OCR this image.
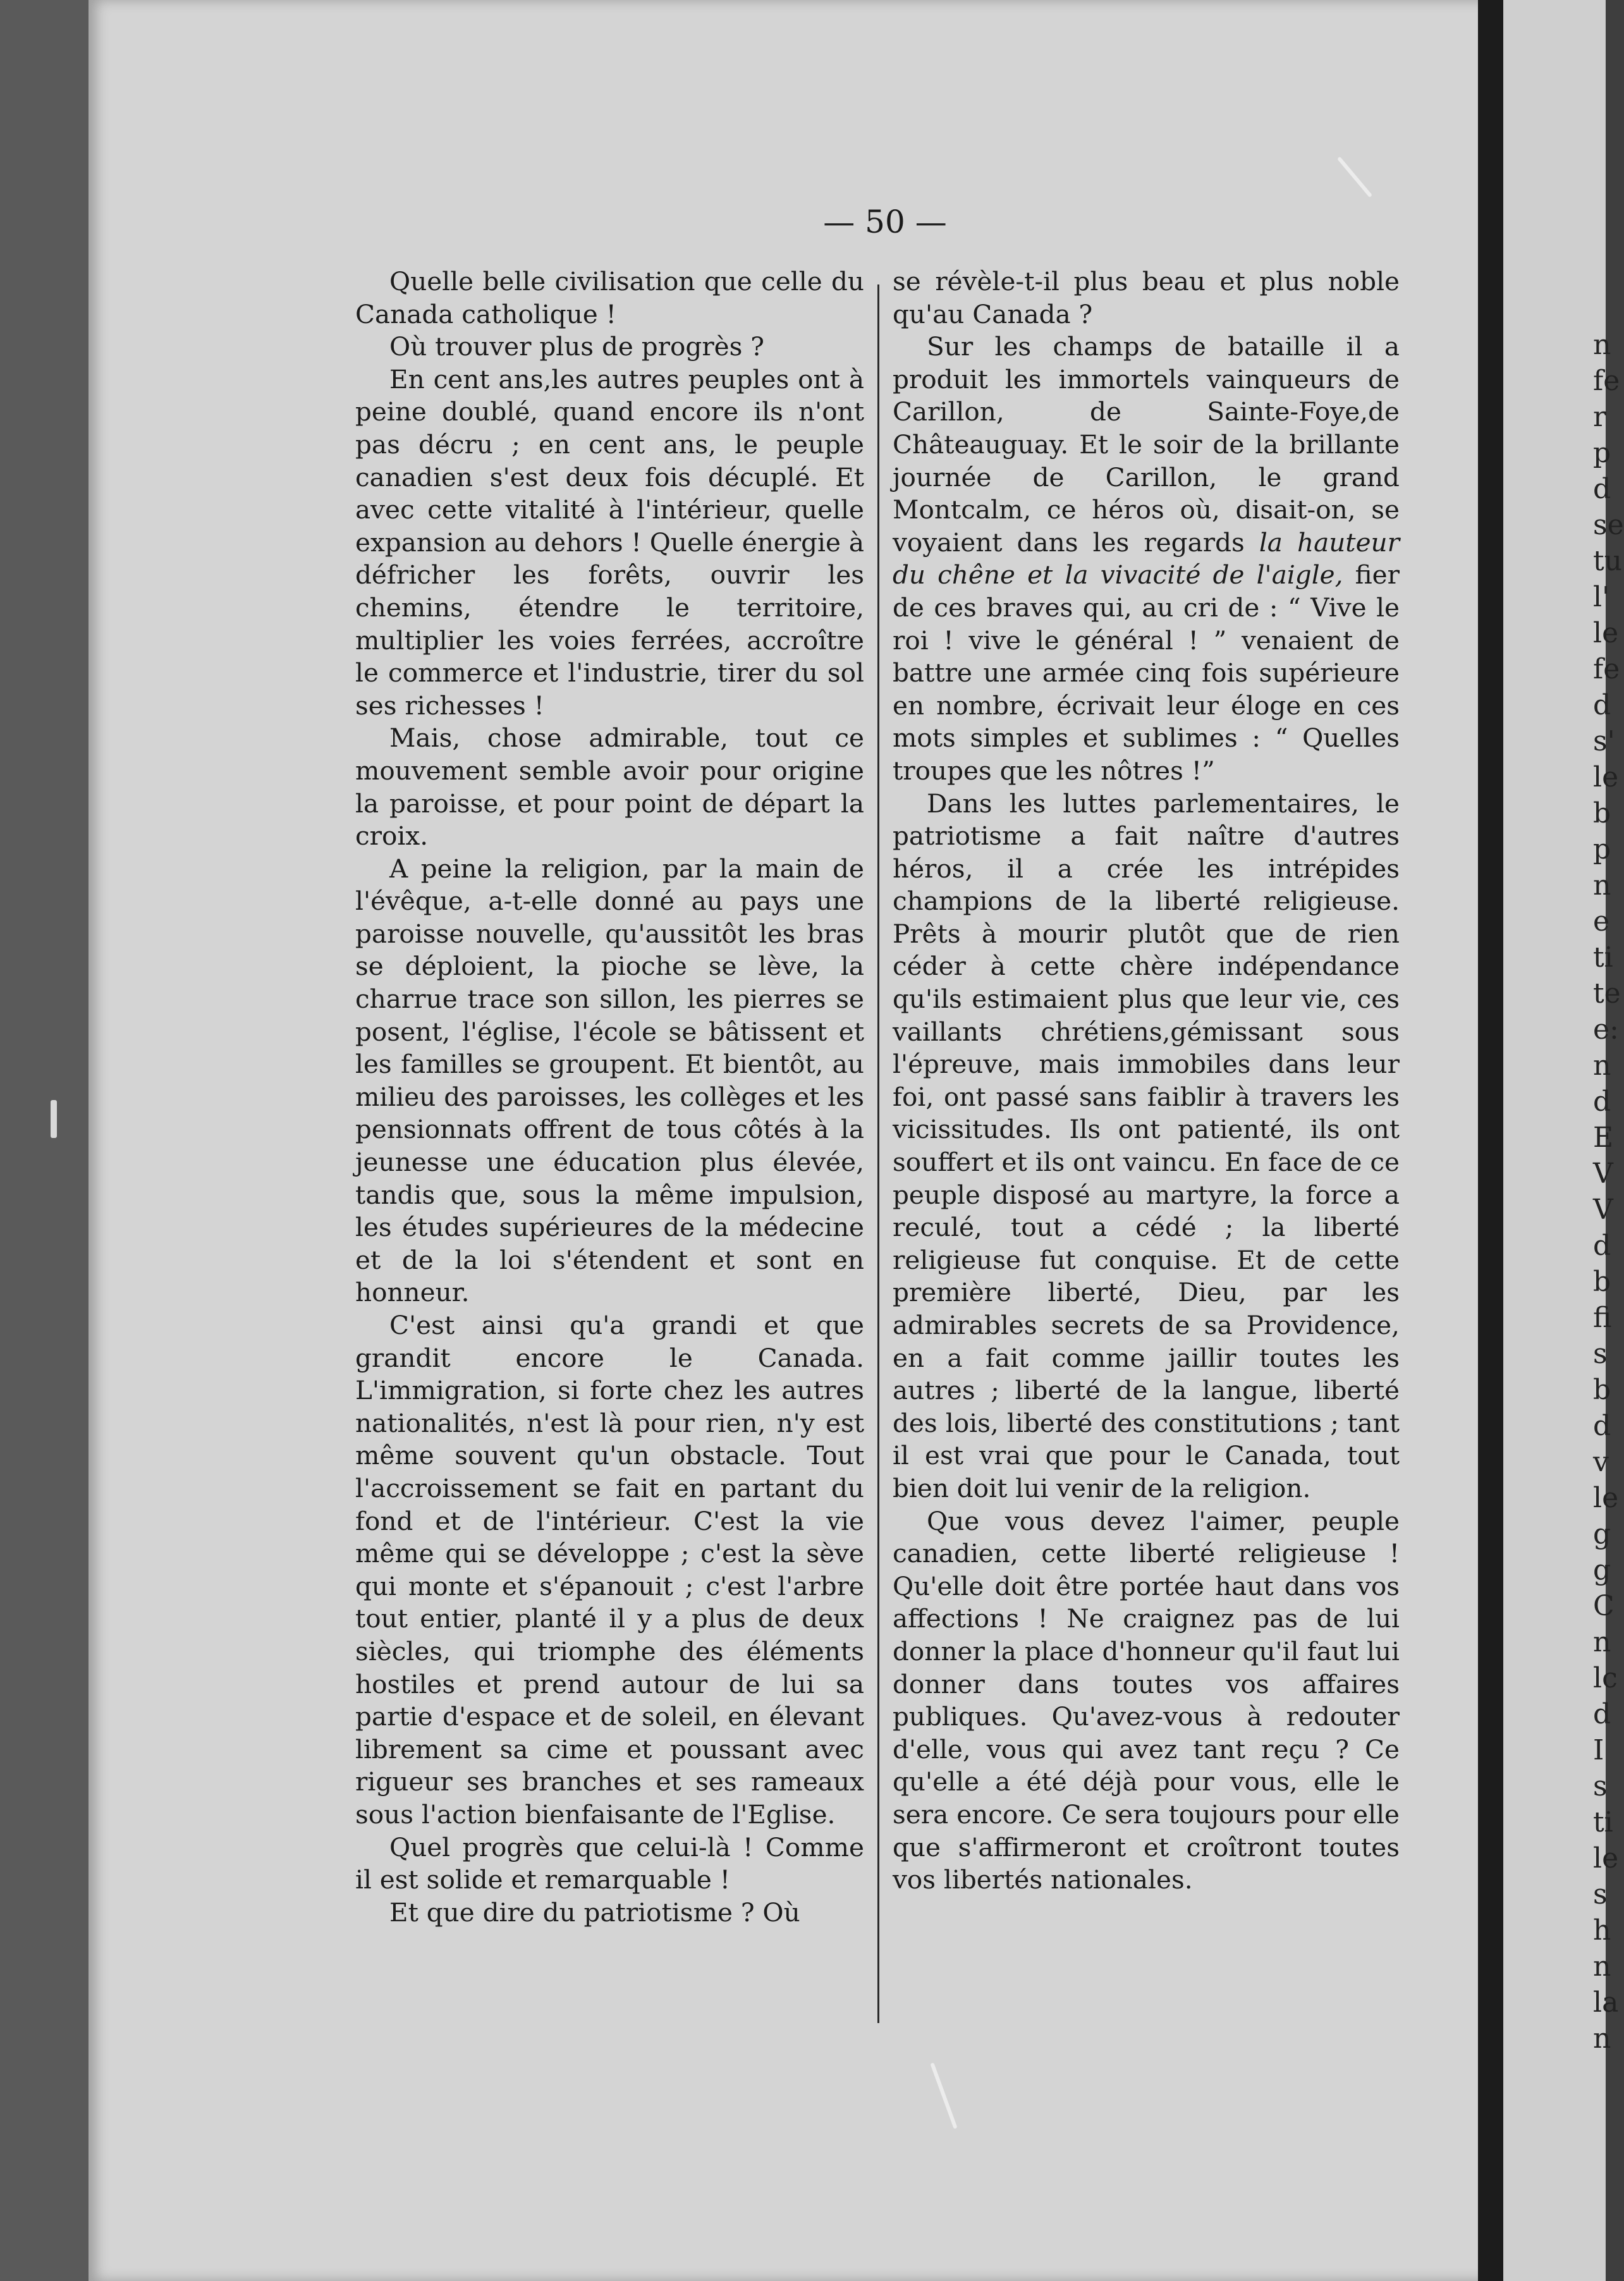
— 50 —

Quelle belle civilisation que celle du Canada catholique !

Où trouver plus de progrès ?

En cent ans,les autres peuples ont à peine doublé, quand encore ils n'ont pas décru ; en cent ans, le peuple canadien s'est deux fois décuplé. Et avec cette vitalité à l'intérieur, quelle expansion au dehors ! Quelle énergie à défricher les forêts, ouvrir les chemins, étendre le territoire, multiplier les voies ferrées, accroître le commerce et l'industrie, tirer du sol ses richesses !

Mais, chose admirable, tout ce mouvement semble avoir pour origine la paroisse, et pour point de départ la croix.

A peine la religion, par la main de l'évêque, a-t-elle donné au pays une paroisse nouvelle, qu'aussitôt les bras se déploient, la pioche se lève, la charrue trace son sillon, les pierres se posent, l'église, l'école se bâtissent et les familles se groupent. Et bientôt, au milieu des paroisses, les collèges et les pensionnats offrent de tous côtés à la jeunesse une éducation plus élevée, tandis que, sous la même impulsion, les études supérieures de la médecine et de la loi s'étendent et sont en honneur.

C'est ainsi qu'a grandi et que grandit encore le Canada. L'immigration, si forte chez les autres nationalités, n'est là pour rien, n'y est même souvent qu'un obstacle. Tout l'accroissement se fait en partant du fond et de l'intérieur. C'est la vie même qui se développe ; c'est la sève qui monte et s'épanouit ; c'est l'arbre tout entier, planté il y a plus de deux siècles, qui triomphe des éléments hostiles et prend autour de lui sa partie d'espace et de soleil, en élevant librement sa cime et poussant avec rigueur ses branches et ses rameaux sous l'action bienfaisante de l'Eglise.

Quel progrès que celui-là ! Comme il est solide et remarquable !

Et que dire du patriotisme ? Où

se révèle-t-il plus beau et plus noble qu'au Canada ?

Sur les champs de bataille il a produit les immortels vainqueurs de Carillon, de Sainte-Foye,de Châteauguay. Et le soir de la brillante journée de Carillon, le grand Montcalm, ce héros où, disait-on, se voyaient dans les regards la hauteur du chêne et la vivacité de l'aigle, fier de ces braves qui, au cri de : “ Vive le roi ! vive le général ! ” venaient de battre une armée cinq fois supérieure en nombre, écrivait leur éloge en ces mots simples et sublimes : “ Quelles troupes que les nôtres !”

Dans les luttes parlementaires, le patriotisme a fait naître d'autres héros, il a crée les intrépides champions de la liberté religieuse. Prêts à mourir plutôt que de rien céder à cette chère indépendance qu'ils estimaient plus que leur vie, ces vaillants chrétiens,gémissant sous l'épreuve, mais immobiles dans leur foi, ont passé sans faiblir à travers les vicissitudes. Ils ont patienté, ils ont souffert et ils ont vaincu. En face de ce peuple disposé au martyre, la force a reculé, tout a cédé ; la liberté religieuse fut conquise. Et de cette première liberté, Dieu, par les admirables secrets de sa Providence, en a fait comme jaillir toutes les autres ; liberté de la langue, liberté des lois, liberté des constitutions ; tant il est vrai que pour le Canada, tout bien doit lui venir de la religion.

Que vous devez l'aimer, peuple canadien, cette liberté religieuse ! Qu'elle doit être portée haut dans vos affections ! Ne craignez pas de lui donner la place d'honneur qu'il faut lui donner dans toutes vos affaires publiques. Qu'avez-vous à redouter d'elle, vous qui avez tant reçu ? Ce qu'elle a été déjà pour vous, elle le sera encore. Ce sera toujours pour elle que s'affirmeront et croîtront toutes vos libertés nationales.

n
fe
r
p
d
se
tu
l'
le
fe
d
s'
le
b
p
n
e
ti
te
e:
n
d
E
V
V
d
b
fi
s
b
d
v
le
g
g
C
n
lc
d
I
s
ti
le
s
h
n
la
n
